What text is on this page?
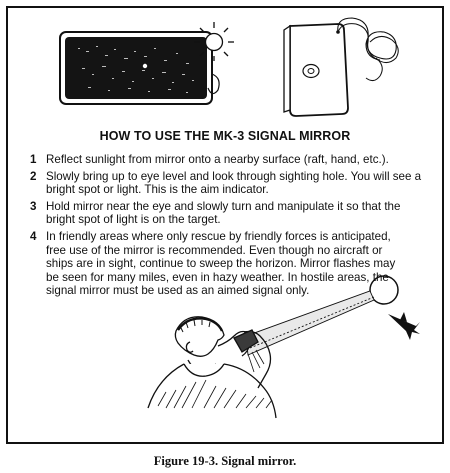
HOW TO USE THE MK-3 SIGNAL MIRROR
1 Reflect sunlight from mirror onto a nearby surface (raft, hand, etc.).
2 Slowly bring up to eye level and look through sighting hole. You will see a bright spot or light. This is the aim indicator.
3 Hold mirror near the eye and slowly turn and manipulate it so that the bright spot of light is on the target.
4 In friendly areas where only rescue by friendly forces is anticipated, free use of the mirror is recommended. Even though no aircraft or ships are in sight, continue to sweep the horizon. Mirror flashes may be seen for many miles, even in hazy weather. In hostile areas, the signal mirror must be used as an aimed signal only.
Figure 19-3. Signal mirror.
